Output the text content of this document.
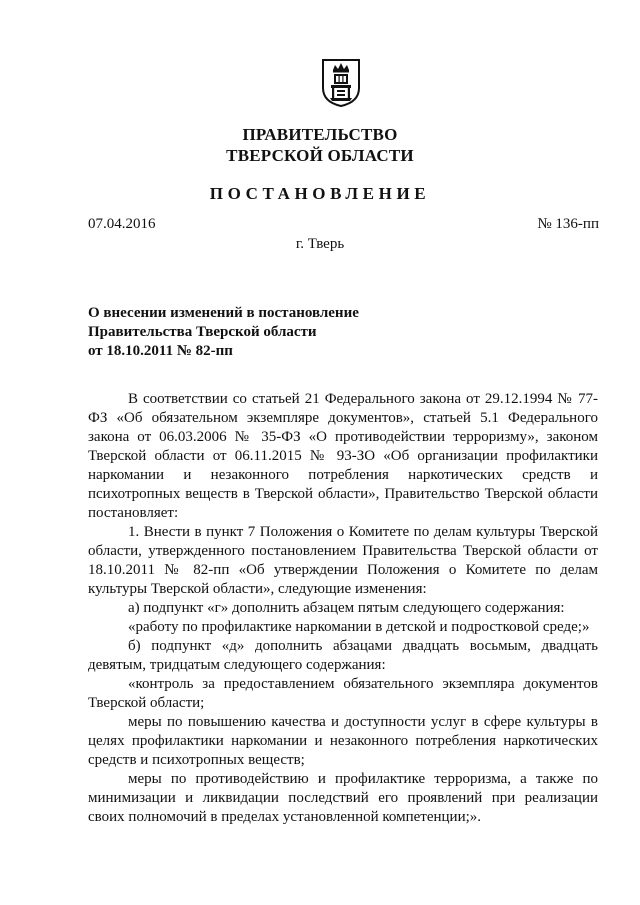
ПРАВИТЕЛЬСТВО
ТВЕРСКОЙ ОБЛАСТИ
ПОСТАНОВЛЕНИЕ
07.04.2016	№ 136-пп
г. Тверь
О внесении изменений в постановление
Правительства Тверской области
от 18.10.2011 № 82-пп

В соответствии со статьей 21 Федерального закона от 29.12.1994 № 77-ФЗ «Об обязательном экземпляре документов», статьей 5.1 Федерального закона от 06.03.2006 № 35-ФЗ «О противодействии терроризму», законом Тверской области от 06.11.2015 № 93-ЗО «Об организации профилактики наркомании и незаконного потребления наркотических средств и психотропных веществ в Тверской области», Правительство Тверской области постановляет:

1. Внести в пункт 7 Положения о Комитете по делам культуры Тверской области, утвержденного постановлением Правительства Тверской области от 18.10.2011 № 82-пп «Об утверждении Положения о Комитете по делам культуры Тверской области», следующие изменения:

а) подпункт «г» дополнить абзацем пятым следующего содержания:

«работу по профилактике наркомании в детской и подростковой среде;»

б) подпункт «д» дополнить абзацами двадцать восьмым, двадцать девятым, тридцатым следующего содержания:

«контроль за предоставлением обязательного экземпляра документов Тверской области;

меры по повышению качества и доступности услуг в сфере культуры в целях профилактики наркомании и незаконного потребления наркотических средств и психотропных веществ;

меры по противодействию и профилактике терроризма, а также по минимизации и ликвидации последствий его проявлений при реализации своих полномочий в пределах установленной компетенции;».
